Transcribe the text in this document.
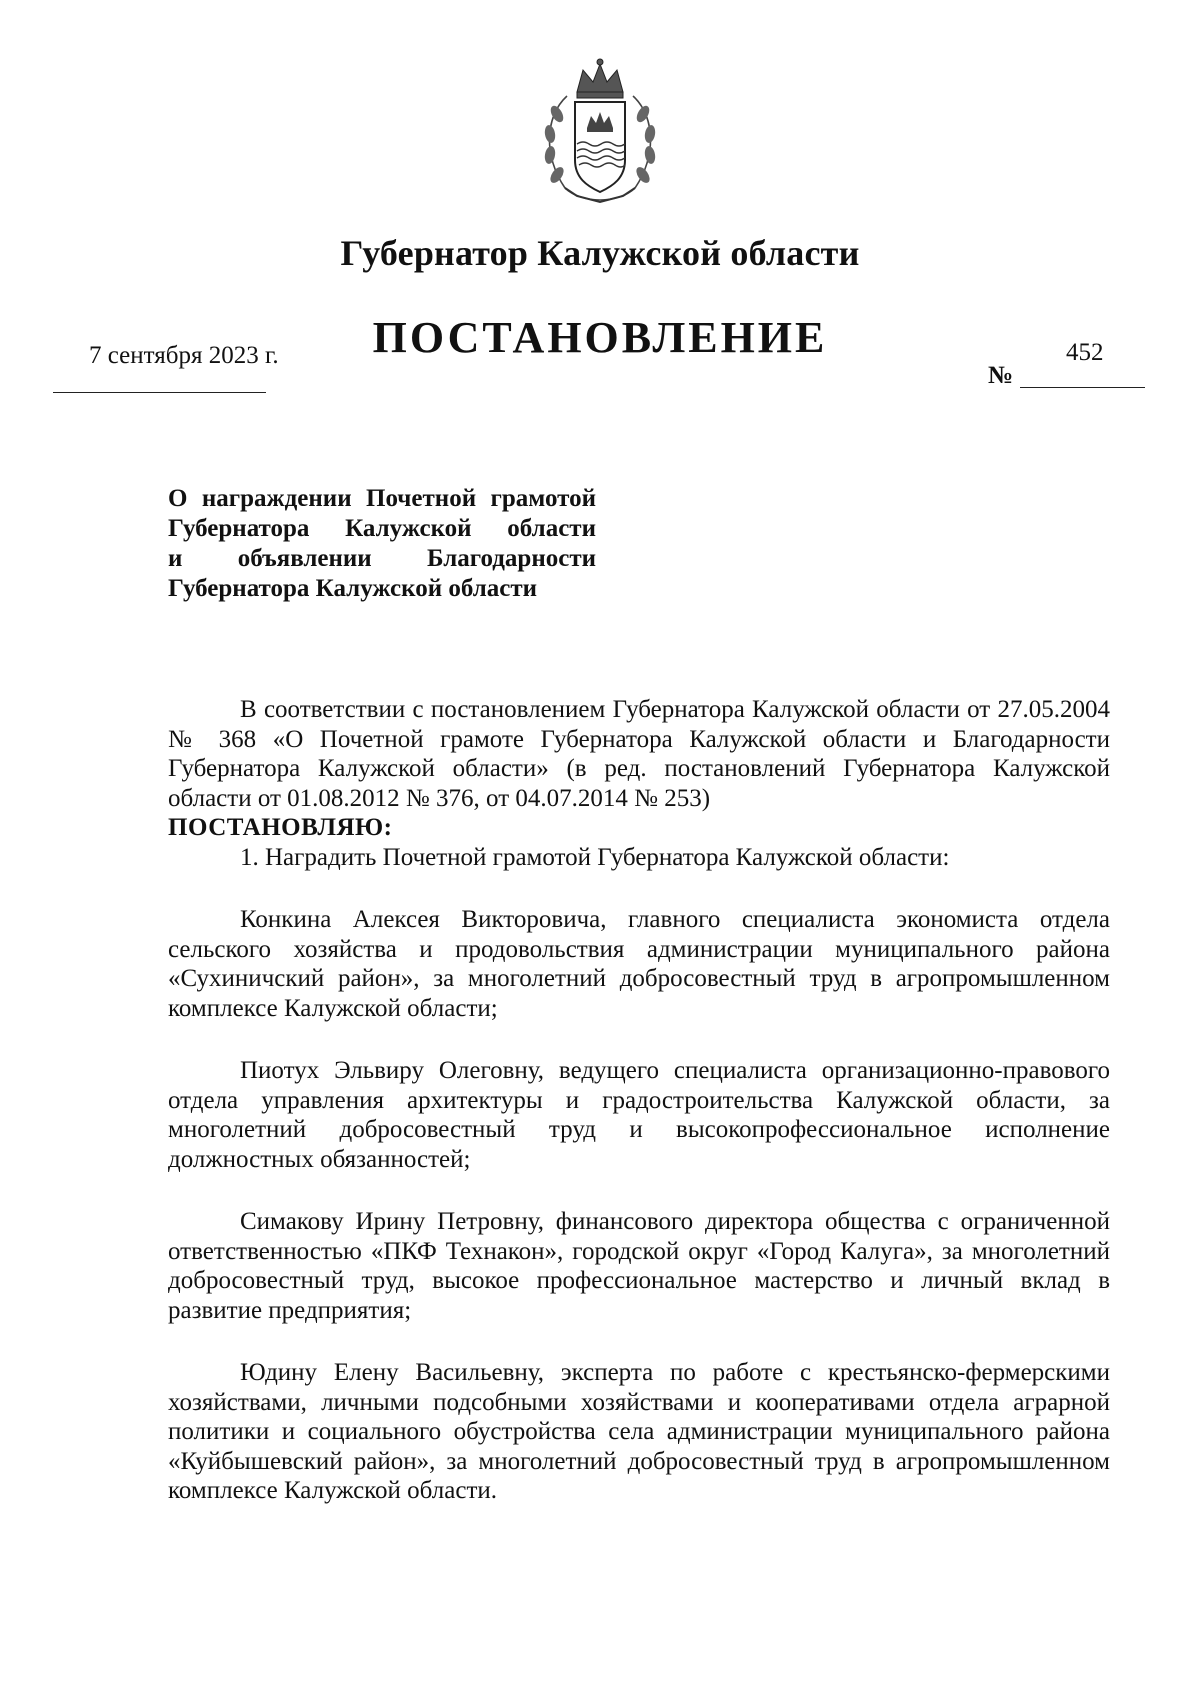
Губернатор Калужской области
ПОСТАНОВЛЕНИЕ
7 сентября 2023 г.	452
№
О награждении Почетной грамотой
Губернатора Калужской области
и объявлении Благодарности
Губернатора Калужской области

В соответствии с постановлением Губернатора Калужской области от 27.05.2004 № 368 «О Почетной грамоте Губернатора Калужской области и Благодарности Губернатора Калужской области» (в ред. постановлений Губернатора Калужской области от 01.08.2012 № 376, от 04.07.2014 № 253)

ПОСТАНОВЛЯЮ:

1. Наградить Почетной грамотой Губернатора Калужской области:

Конкина Алексея Викторовича, главного специалиста экономиста отдела сельского хозяйства и продовольствия администрации муниципального района «Сухиничский район», за многолетний добросовестный труд в агропромышленном комплексе Калужской области;

Пиотух Эльвиру Олеговну, ведущего специалиста организационно-правового отдела управления архитектуры и градостроительства Калужской области, за многолетний добросовестный труд и высокопрофессиональное исполнение должностных обязанностей;

Симакову Ирину Петровну, финансового директора общества с ограниченной ответственностью «ПКФ Технакон», городской округ «Город Калуга», за многолетний добросовестный труд, высокое профессиональное мастерство и личный вклад в развитие предприятия;

Юдину Елену Васильевну, эксперта по работе с крестьянско-фермерскими хозяйствами, личными подсобными хозяйствами и кооперативами отдела аграрной политики и социального обустройства села администрации муниципального района «Куйбышевский район», за многолетний добросовестный труд в агропромышленном комплексе Калужской области.
